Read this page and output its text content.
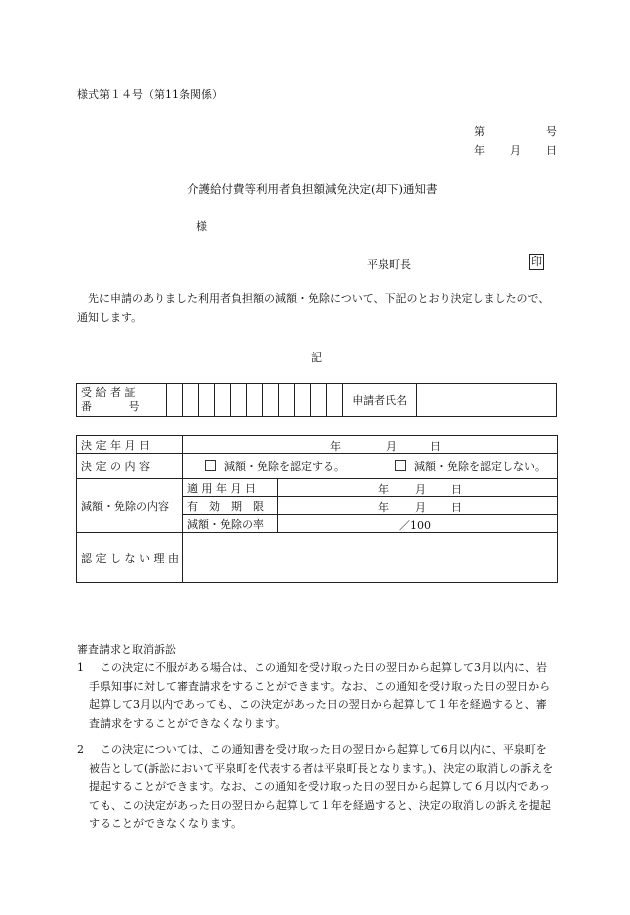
様式第１４号（第11条関係）
第	号
年 月 日
介護給付費等利用者負担額減免決定(却下)通知書
様
平泉町長	印
先に申請のありました利用者負担額の減額・免除について、下記のとおり決定しましたので、通知します。
記
受 給 者 証
番　　　 号												申請者氏名	
決 定 年 月 日	年 月 日	

決 定 の 内 容	減額・免除を認定する。 減額・免除を認定しない。	
減額・免除の内容	適 用 年 月 日	年 月 日

	有　効　期　限	年 月 日

	減額・免除の率	／100

認 定 し な い 理 由		
審査請求と取消訴訟
1	この決定に不服がある場合は、この通知を受け取った日の翌日から起算して3月以内に、岩手県知事に対して審査請求をすることができます。なお、この通知を受け取った日の翌日から起算して3月以内であっても、この決定があった日の翌日から起算して１年を経過すると、審査請求をすることができなくなります。
2	この決定については、この通知書を受け取った日の翌日から起算して6月以内に、平泉町を被告として(訴訟において平泉町を代表する者は平泉町長となります。)、決定の取消しの訴えを提起することができます。なお、この通知を受け取った日の翌日から起算して６月以内であっても、この決定があった日の翌日から起算して１年を経過すると、決定の取消しの訴えを提起することができなくなります。
